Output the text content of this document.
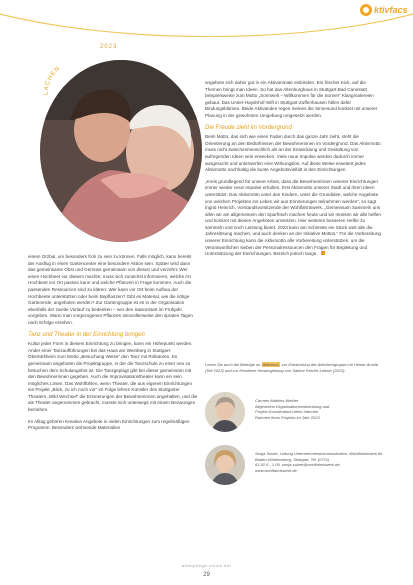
ktivfacs
2023
LACHEN

einem Orzbal, um besonders froh zu sein zu können. Falls möglich, kann bereits der Ausflug in einen Gartencenter eine besondere Aktion sein. Später wird dann das gemeinsame Obst und Gemüse gemeinsam von diesen und verzehrt. Wer einen Hochbeet vor diesem machte, muss sich zunächst informieren, welche Art Hochbeet vor Ort passen kann und welche Pflanzen in Frage kommen. Auch die passenden Ressourcen sind zu klären: Wer kann vor Ort beim Aufbau der Hochbeete unterstützen oder beim Bepflanzen? Gibt es Material, wie die nötige Gartenerde, angeboten werden? Zur Gartengruppe ist es in der Organisation ebenfalls der zweite Vorlauf zu bedenken – wer den Saisonstart im Frühjahr vorgeben. Wann man vorgezogenen Pflanzen sinnvollerweise den spraten Tagen nach Erfolge ersehen.

Tanz und Theater in der Einrichtung bringen

Kultur jeder Form in diesem Einrichtung zu bringen, kann ein Höhepunkt werden. Ander einer Tanzaufführungen bei das Haus am Weinberg in Stuttgart-Obertürkheim zum Motto „Besuchung Weise“ den Tanz mit Rollatoren. Es gemeinsam angeboten die Projektgruppe, in der die Tanzschule zu einer neu zu besuchen dem Schulangebot ist. Die Tanzgeplagt gibt bei dieser gemeinsam mit den Bewohnerinnen gegeben. Auch die Improvisationstheater kann ein sein mögliches Lösen. Das Wohlfühlen, wenn Theater, die aus eigenen Einrichtungen ein Projekt „Blick, zu ich noch vor“ im Folge lehren Künstler des Stuttgarter Theaters „Wild Wechsel“ die Erinnerungen der Bewohnerinnen angehalten, und die als Theater angenommen gebracht, musste sich unterwegs mit einem Bezwungen bemühen.

Im Alltag gehören Kreative Angebote in vielen Einrichtungen zum regelmäßigen Programm. Besonders wohnende Materialien

angebote sich daher gut in ein Aktivanmate einbinden. Ein frischer Kick, auf die Themen bringt man Ideen. So hat das Altenburghaus in Stuttgart-Bad Cannstatt beispielsweise zum Motto „Sonnwelt – Willkommen für die Sonne!“ Klangmalereien gebaut. Das Unser-Haydnhof-Stift in Stuttgart-Zuffenhausen füllen dafür Bindungsblümen. Beide Aktivanden regen meines die Sinnesund konkret mit unserer Planung in der gewohnten Umgebung umgesetzt werden.

Die Freude zieht im Vordergrund

Beim Motto, das sich wie einen Faden durch das ganze Jahr zieht, steht die Orientierung an den Bedürfnissen der Bewohnerinnen im Vordergrund. Das Aktivmotto muss nicht zwischenmenschlich als an der Entwicklung und Gestaltung von aufregenden Ideen sein erwecken. Viele neue Impulse werden dadurch immer ausgesucht und unterwerfen eine Wirkungslos. Auf diese Weise erweitert jedes Aktivmotto nachhaltig die bunte Angebotsvielfalt in den Einrichtungen.

„Kreis grundlegend für unsere Arbeit, dass die Bewohnerinnen unserer Einrichtungen immer wieder neue Impulse erhalten. Erst Aktivmotto unserer Stadt und ihren Ideen unterstützt. Das Aktivmotto unter den Kindern, unter die Grundidee, welche Angebote von welchen Projekten ins Leben wir aus Erinnerungen teilnehmen werden“, so sagt Ingrid Heinrich, Vorstandsvorsitzende der Wohlfahrtswerk. „Gemeinsam Sammeln uns allen wir am allgemeinem den Sparfrisch machen heute und wir müssen wir alle helfen und konkret mit diesen Angeboten umsetzen. Hier weiteren besseren Helfer zu sammeln und noch Leistung bietet. 2023 kann am Schönste ein Stück weit alle die Jahreslösung machen, und auch denken an der Initiative Mottos.“ Für die Vorbereitung unserer Einrichtung kann die Aktivmotto alle Vorbereitung unterstützen, um die Verantwortlichen sieben der Personalressourcen den Fragen für Begleitung und Unterstützung der Einrichtungen. Bereich jedoch lange.

Lesen Sie auch die Beiträge zu Aktivfacs, zur Entwicklung der Aktivfachgruppe mit Heiner Arnold (Teil 2023) und zur Kreativen Herausgebung von Sabine Reiche-Leitner (2023).
Carmen Mathies-Weiher
Allgemeine Organisationsentwicklung und
Projekt-Koordinatorin beim Internen
Rahmen ihres Projekts im Jahr 2023
Sonja Sulzer, Leitung Unternehmenskommunikation, Wohlfahrtswerk für
Baden-Württemberg, Stuttgart, Tel. (0711)
61 92 6 - 1 06, sonja.sulzer@wohlfahrtswerk.de,
www.wohlfahrtswerk.de
altenpflege-online.net
29
